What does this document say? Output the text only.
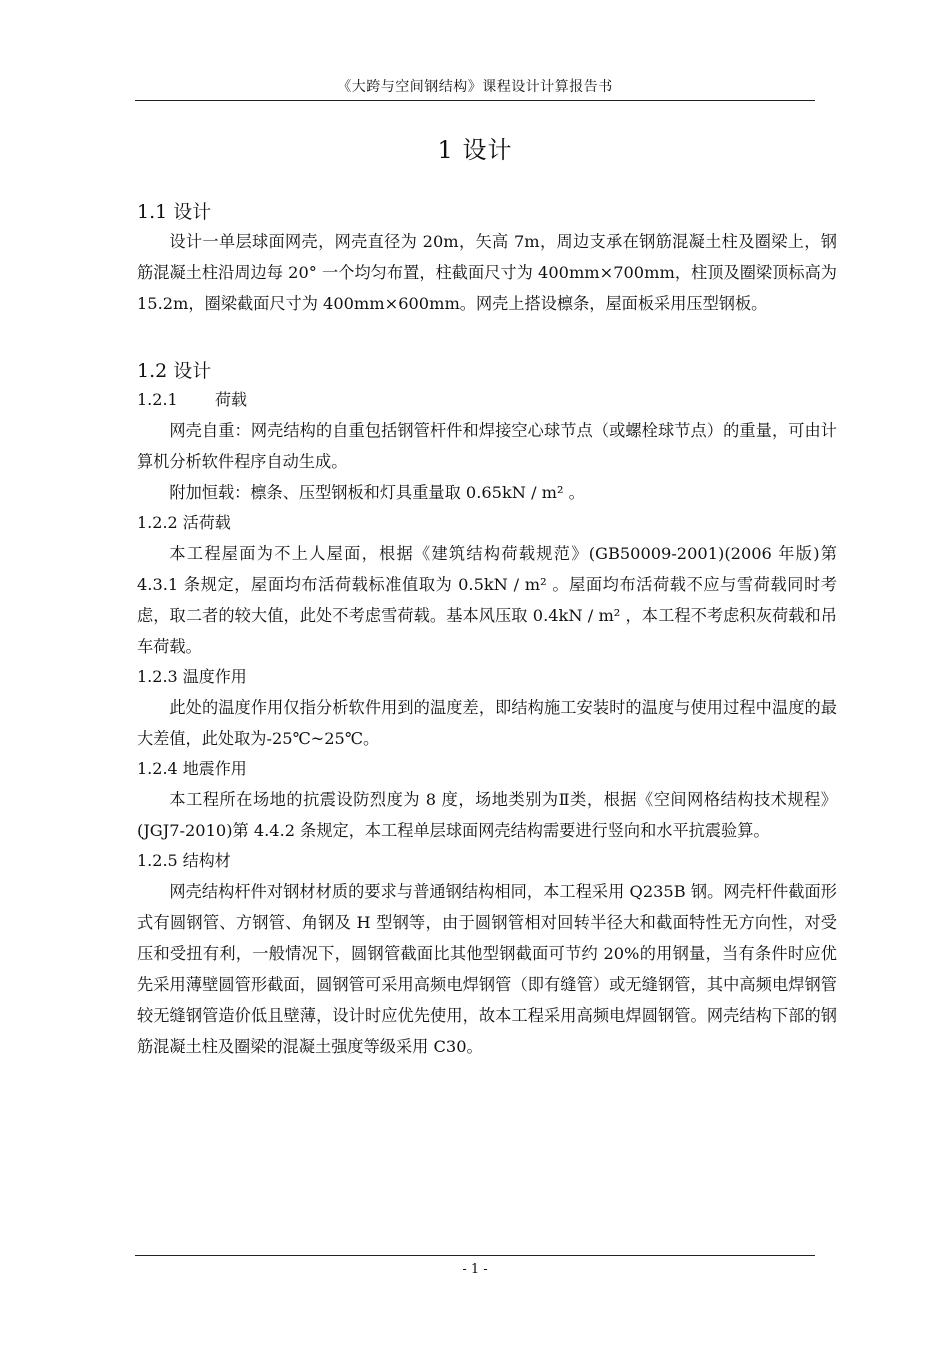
《大跨与空间钢结构》课程设计计算报告书
1 设计

1.1 设计

设计一单层球面网壳，网壳直径为 20m，矢高 7m，周边支承在钢筋混凝土柱及圈梁上，钢筋混凝土柱沿周边每 20° 一个均匀布置，柱截面尺寸为 400mm×700mm，柱顶及圈梁顶标高为 15.2m，圈梁截面尺寸为 400mm×600mm。网壳上搭设檩条，屋面板采用压型钢板。

1.2 设计

1.2.1 荷载

网壳自重：网壳结构的自重包括钢管杆件和焊接空心球节点（或螺栓球节点）的重量，可由计算机分析软件程序自动生成。

附加恒载：檩条、压型钢板和灯具重量取 0.65kN / m² 。

1.2.2 活荷载

本工程屋面为不上人屋面，根据《建筑结构荷载规范》(GB50009-2001)(2006 年版)第 4.3.1 条规定，屋面均布活荷载标准值取为 0.5kN / m² 。屋面均布活荷载不应与雪荷载同时考虑，取二者的较大值，此处不考虑雪荷载。基本风压取 0.4kN / m² ，本工程不考虑积灰荷载和吊车荷载。

1.2.3 温度作用

此处的温度作用仅指分析软件用到的温度差，即结构施工安装时的温度与使用过程中温度的最大差值，此处取为-25℃~25℃。

1.2.4 地震作用

本工程所在场地的抗震设防烈度为 8 度，场地类别为Ⅱ类，根据《空间网格结构技术规程》(JGJ7-2010)第 4.4.2 条规定，本工程单层球面网壳结构需要进行竖向和水平抗震验算。

1.2.5 结构材

网壳结构杆件对钢材材质的要求与普通钢结构相同，本工程采用 Q235B 钢。网壳杆件截面形式有圆钢管、方钢管、角钢及 H 型钢等，由于圆钢管相对回转半径大和截面特性无方向性，对受压和受扭有利，一般情况下，圆钢管截面比其他型钢截面可节约 20%的用钢量，当有条件时应优先采用薄壁圆管形截面，圆钢管可采用高频电焊钢管（即有缝管）或无缝钢管，其中高频电焊钢管较无缝钢管造价低且壁薄，设计时应优先使用，故本工程采用高频电焊圆钢管。网壳结构下部的钢筋混凝土柱及圈梁的混凝土强度等级采用 C30。

- 1 -
